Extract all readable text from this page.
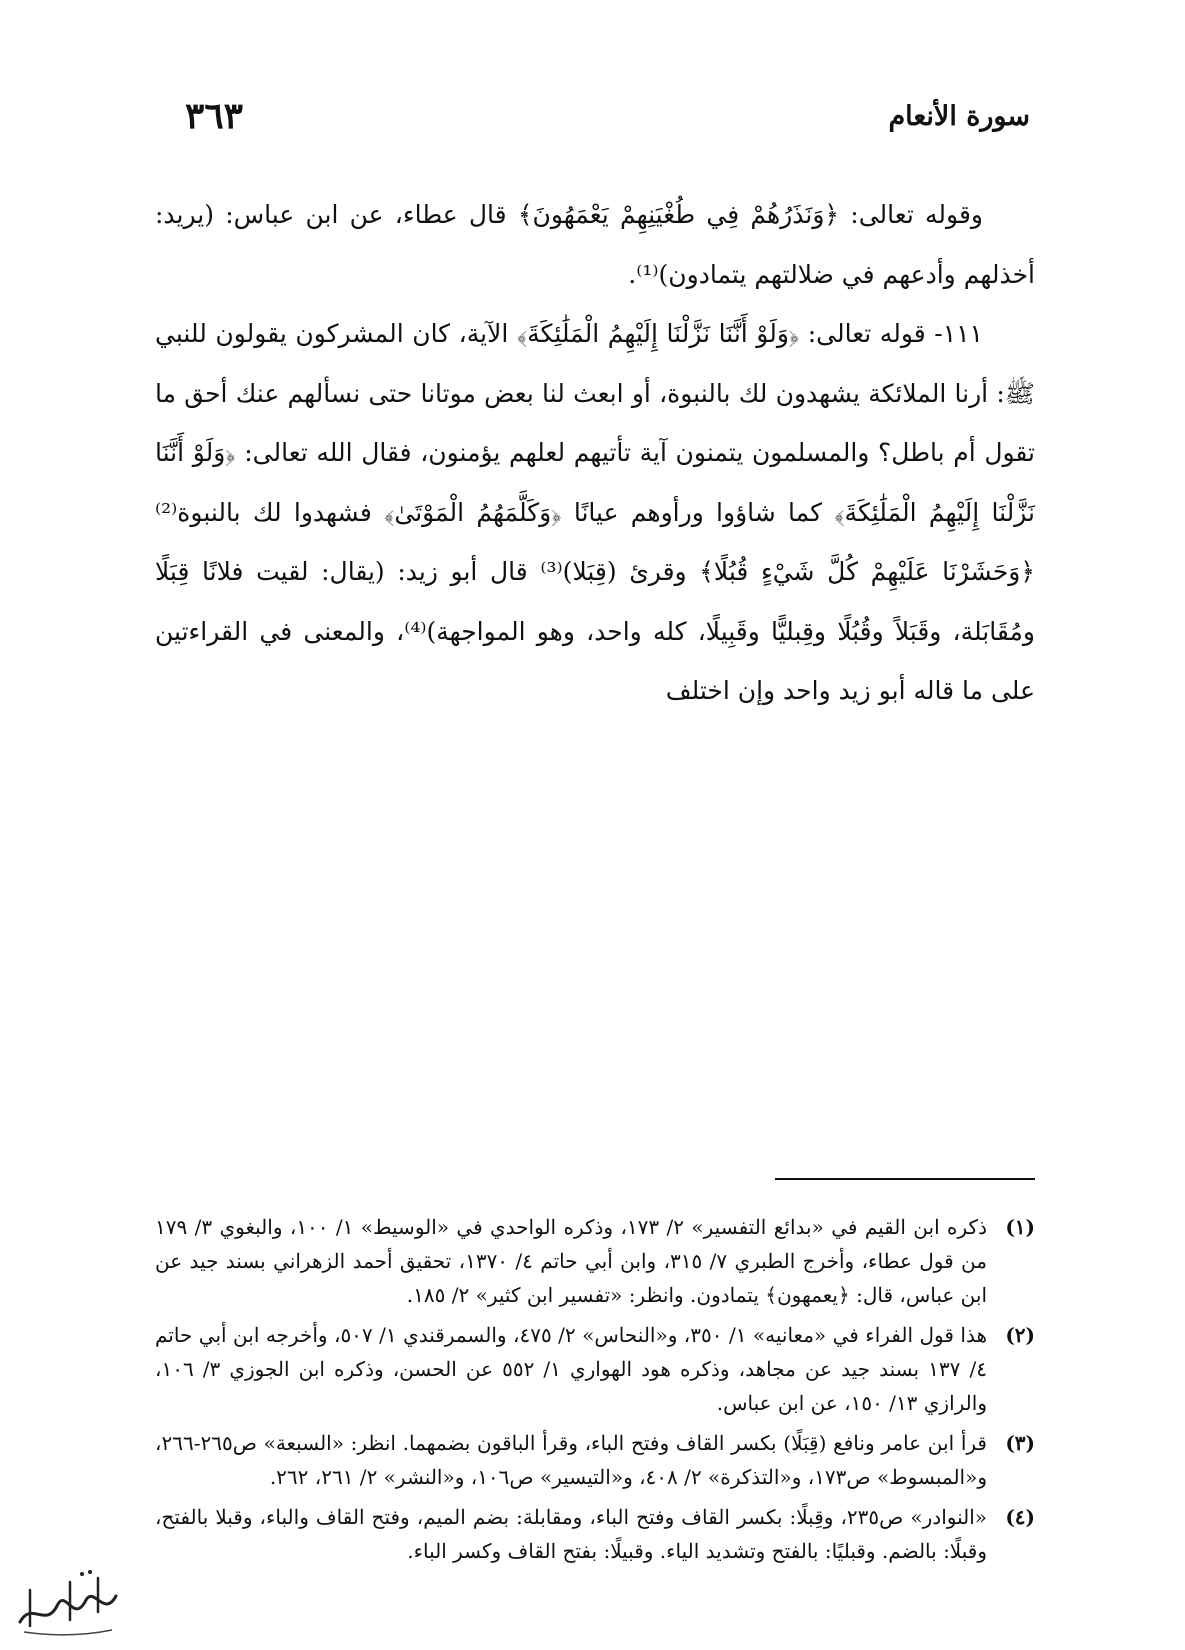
سورة الأنعام
٣٦٣

وقوله تعالى: ﴿وَنَذَرُهُمْ فِي طُغْيَنِهِمْ يَعْمَهُونَ﴾ قال عطاء، عن ابن عباس: (يريد: أخذلهم وأدعهم في ضلالتهم يتمادون)⁽¹⁾.

١١١- قوله تعالى: ﴿وَلَوْ أَنَّنَا نَزَّلْنَا إِلَيْهِمُ الْمَلَٰئِكَةَ﴾ الآية، كان المشركون يقولون للنبي ﷺ: أرنا الملائكة يشهدون لك بالنبوة، أو ابعث لنا بعض موتانا حتى نسألهم عنك أحق ما تقول أم باطل؟ والمسلمون يتمنون آية تأتيهم لعلهم يؤمنون، فقال الله تعالى: ﴿وَلَوْ أَنَّنَا نَزَّلْنَا إِلَيْهِمُ الْمَلَٰئِكَةَ﴾ كما شاؤوا ورأوهم عيانًا ﴿وَكَلَّمَهُمُ الْمَوْتَىٰ﴾ فشهدوا لك بالنبوة⁽²⁾ ﴿وَحَشَرْنَا عَلَيْهِمْ كُلَّ شَيْءٍ قُبُلًا﴾ وقرئ (قِبَلا)⁽³⁾ قال أبو زيد: (يقال: لقيت فلانًا قِبَلًا ومُقَابَلة، وقَبَلاً وقُبُلًا وقِبليًّا وقَبِيلًا، كله واحد، وهو المواجهة)⁽⁴⁾، والمعنى في القراءتين على ما قاله أبو زيد واحد وإن اختلف

(١)
ذكره ابن القيم في «بدائع التفسير» ٢/ ١٧٣، وذكره الواحدي في «الوسيط» ١/ ١٠٠، والبغوي ٣/ ١٧٩ من قول عطاء، وأخرج الطبري ٧/ ٣١٥، وابن أبي حاتم ٤/ ١٣٧٠، تحقيق أحمد الزهراني بسند جيد عن ابن عباس، قال: ﴿يعمهون﴾ يتمادون. وانظر: «تفسير ابن كثير» ٢/ ١٨٥.
(٢)
هذا قول الفراء في «معانيه» ١/ ٣٥٠، و«النحاس» ٢/ ٤٧٥، والسمرقندي ١/ ٥٠٧، وأخرجه ابن أبي حاتم ٤/ ١٣٧ بسند جيد عن مجاهد، وذكره هود الهواري ١/ ٥٥٢ عن الحسن، وذكره ابن الجوزي ٣/ ١٠٦، والرازي ١٣/ ١٥٠، عن ابن عباس.
(٣)
قرأ ابن عامر ونافع (قِبَلًا) بكسر القاف وفتح الباء، وقرأ الباقون بضمهما. انظر: «السبعة» ص٢٦٥-٢٦٦، و«المبسوط» ص١٧٣، و«التذكرة» ٢/ ٤٠٨، و«التيسير» ص١٠٦، و«النشر» ٢/ ٢٦١، ٢٦٢.
(٤)
«النوادر» ص٢٣٥، وقِبلًا: بكسر القاف وفتح الباء، ومقابلة: بضم الميم، وفتح القاف والباء، وقبلا بالفتح، وقبلًا: بالضم. وقبليًا: بالفتح وتشديد الياء. وقبيلًا: بفتح القاف وكسر الباء.
